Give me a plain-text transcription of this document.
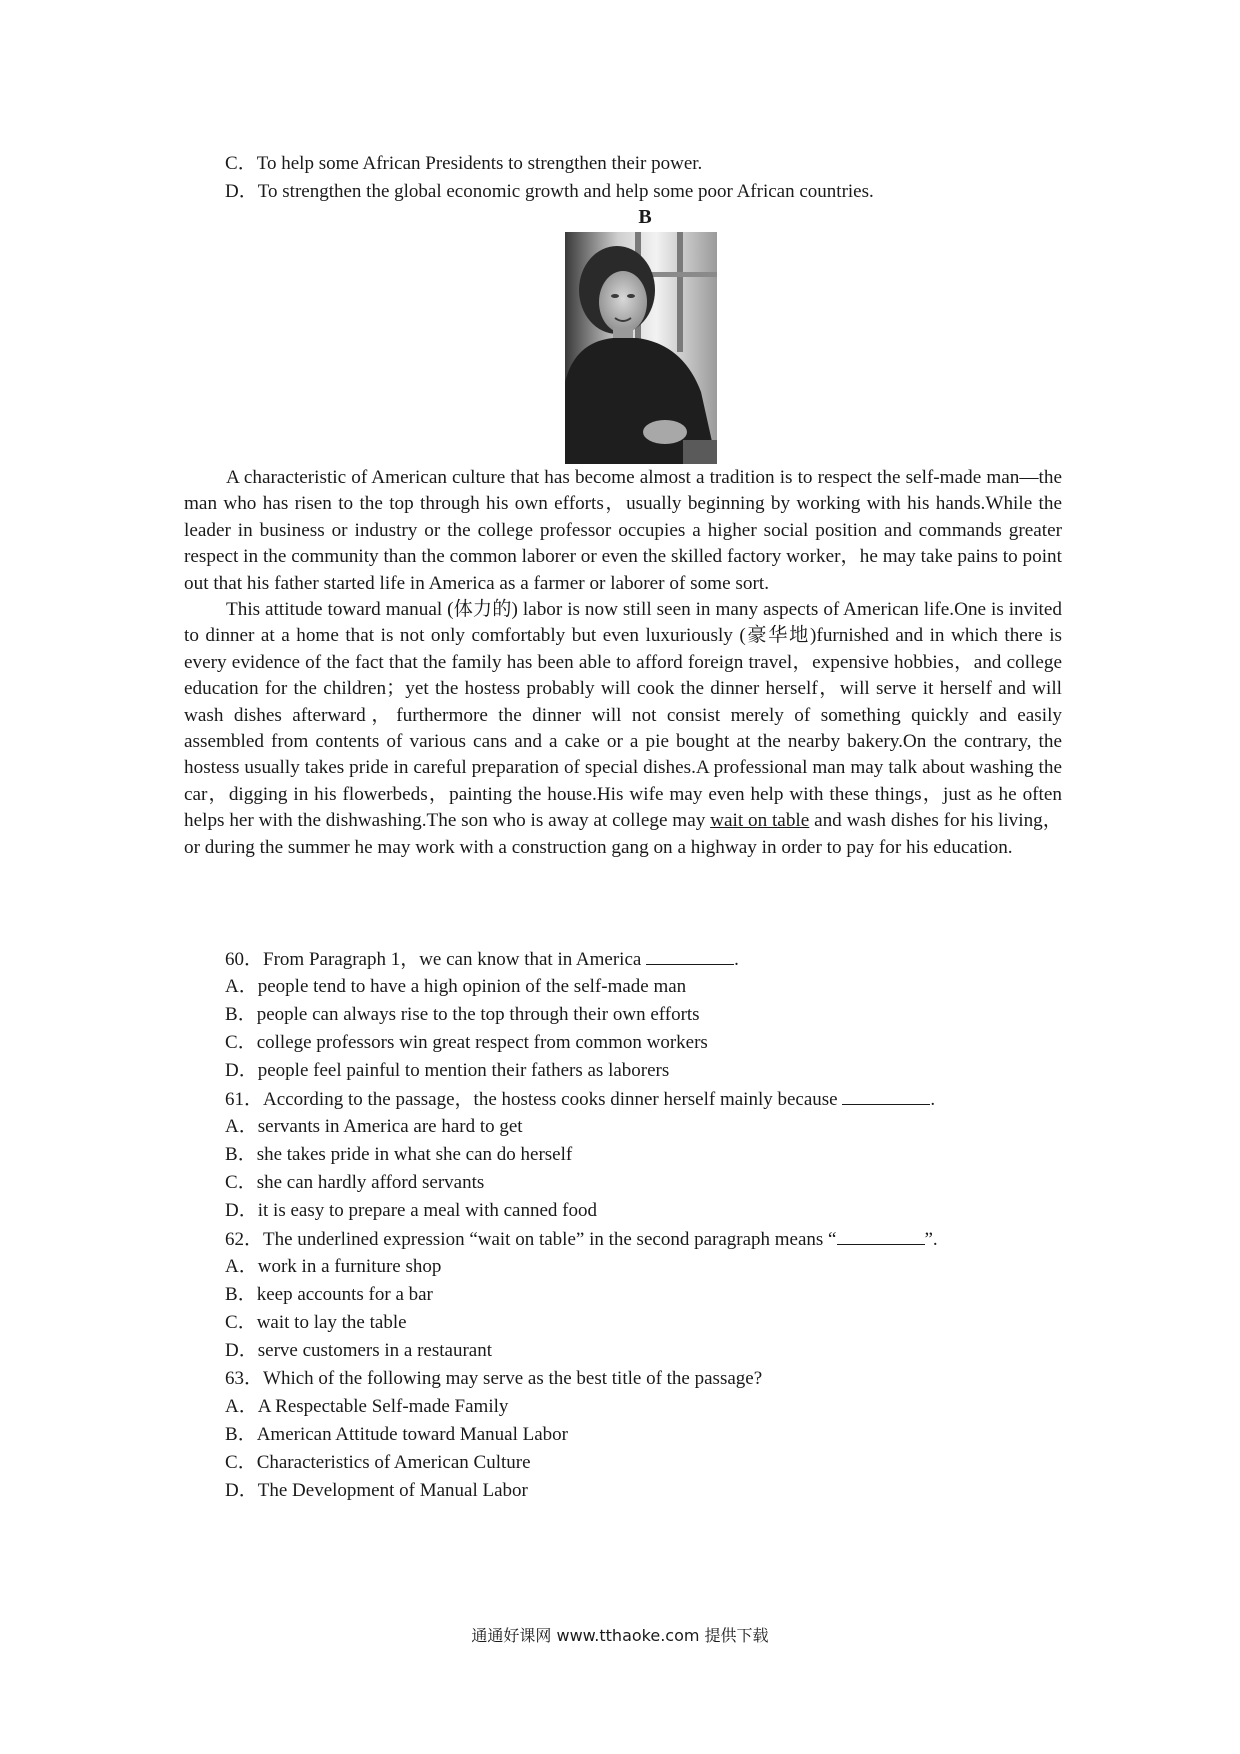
C．To help some African Presidents to strengthen their power.
D．To strengthen the global economic growth and help some poor African countries.
B

A characteristic of American culture that has become almost a tradition is to respect the self-made man—the man who has risen to the top through his own efforts，usually beginning by working with his hands.While the leader in business or industry or the college professor occupies a higher social position and commands greater respect in the community than the common laborer or even the skilled factory worker，he may take pains to point out that his father started life in America as a farmer or laborer of some sort.

This attitude toward manual (体力的) labor is now still seen in many aspects of American life.One is invited to dinner at a home that is not only comfortably but even luxuriously (豪华地)furnished and in which there is every evidence of the fact that the family has been able to afford foreign travel，expensive hobbies，and college education for the children；yet the hostess probably will cook the dinner herself，will serve it herself and will wash dishes afterward，furthermore the dinner will not consist merely of something quickly and easily assembled from contents of various cans and a cake or a pie bought at the nearby bakery.On the contrary, the hostess usually takes pride in careful preparation of special dishes.A professional man may talk about washing the car，digging in his flowerbeds，painting the house.His wife may even help with these things，just as he often helps her with the dishwashing.The son who is away at college may wait on table and wash dishes for his living，or during the summer he may work with a construction gang on a highway in order to pay for his education.

60．From Paragraph 1，we can know that in America	.
A．people tend to have a high opinion of the self-made man
B．people can always rise to the top through their own efforts
C．college professors win great respect from common workers
D．people feel painful to mention their fathers as laborers
61．According to the passage，the hostess cooks dinner herself mainly because	.
A．servants in America are hard to get
B．she takes pride in what she can do herself
C．she can hardly afford servants
D．it is easy to prepare a meal with canned food
62．The underlined expression “wait on table” in the second paragraph means “	”.
A．work in a furniture shop
B．keep accounts for a bar
C．wait to lay the table
D．serve customers in a restaurant
63．Which of the following may serve as the best title of the passage?
A．A Respectable Self-made Family
B．American Attitude toward Manual Labor
C．Characteristics of American Culture
D．The Development of Manual Labor
通通好课网 www.tthaoke.com 提供下载
